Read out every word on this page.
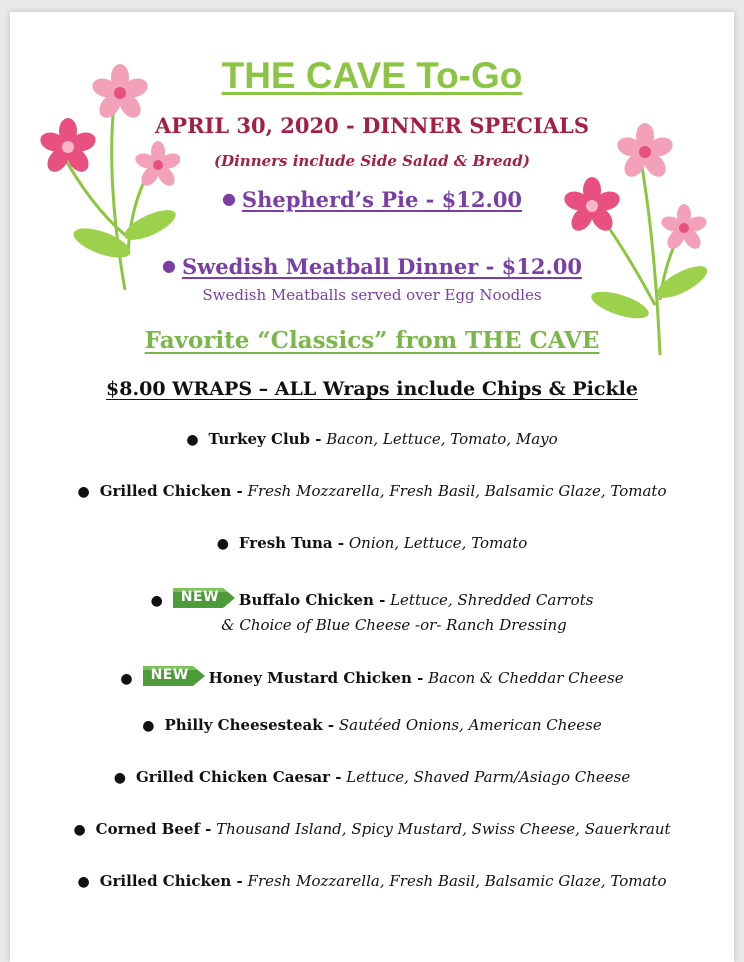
THE CAVE To-Go
APRIL 30, 2020 - DINNER SPECIALS
(Dinners include Side Salad & Bread)
● Shepherd’s Pie - $12.00
● Swedish Meatball Dinner - $12.00
Swedish Meatballs served over Egg Noodles
Favorite “Classics” from THE CAVE
$8.00 WRAPS – ALL Wraps include Chips & Pickle
● Turkey Club - Bacon, Lettuce, Tomato, Mayo
● Grilled Chicken - Fresh Mozzarella, Fresh Basil, Balsamic Glaze, Tomato
● Fresh Tuna - Onion, Lettuce, Tomato
● NEW Buffalo Chicken - Lettuce, Shredded Carrots
& Choice of Blue Cheese -or- Ranch Dressing
● NEW Honey Mustard Chicken - Bacon & Cheddar Cheese
● Philly Cheesesteak - Sautéed Onions, American Cheese
● Grilled Chicken Caesar - Lettuce, Shaved Parm/Asiago Cheese
● Corned Beef - Thousand Island, Spicy Mustard, Swiss Cheese, Sauerkraut
● Grilled Chicken - Fresh Mozzarella, Fresh Basil, Balsamic Glaze, Tomato
